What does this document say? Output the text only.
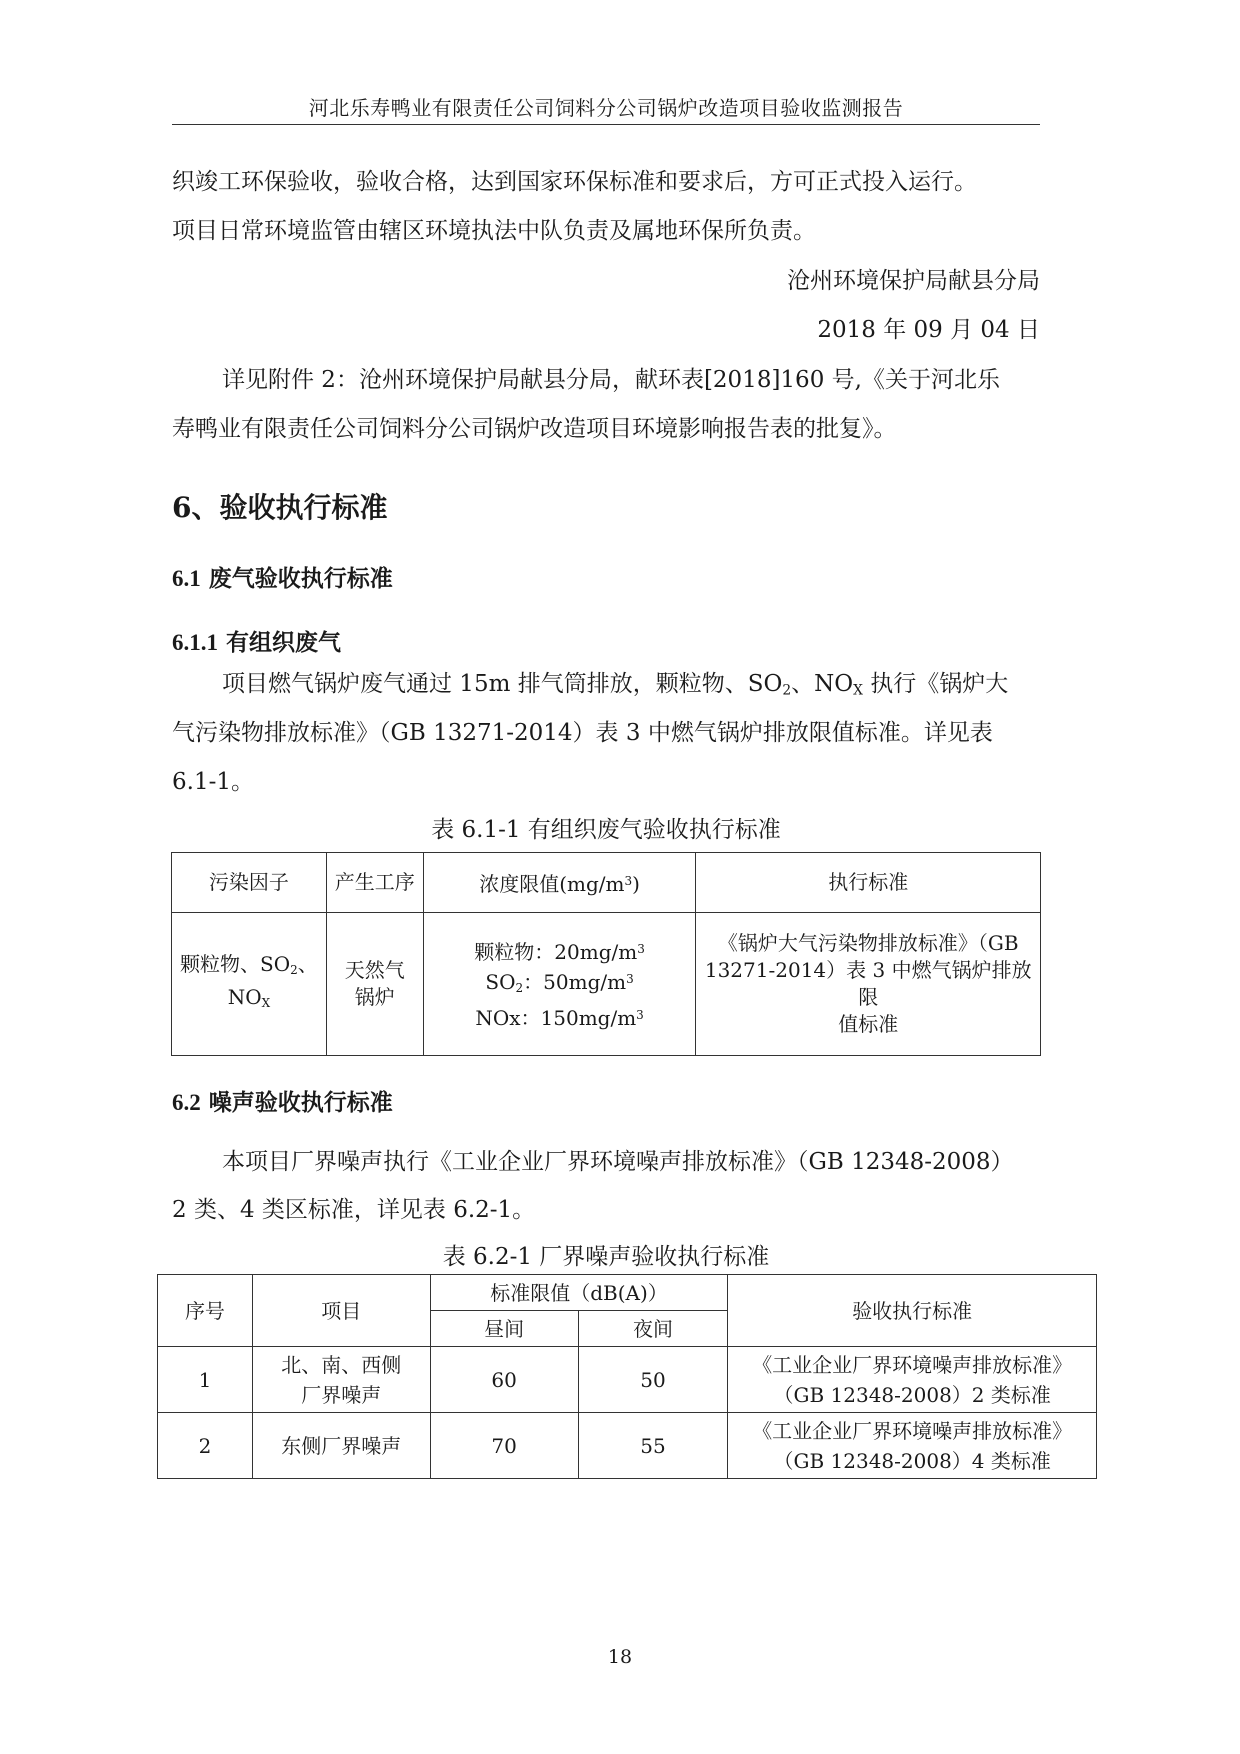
河北乐寿鸭业有限责任公司饲料分公司锅炉改造项目验收监测报告
织竣工环保验收，验收合格，达到国家环保标准和要求后，方可正式投入运行。
项目日常环境监管由辖区环境执法中队负责及属地环保所负责。
沧州环境保护局献县分局
2018 年 09 月 04 日
详见附件 2：沧州环境保护局献县分局，献环表[2018]160 号,《关于河北乐
寿鸭业有限责任公司饲料分公司锅炉改造项目环境影响报告表的批复》。
6、验收执行标准
6.1 废气验收执行标准
6.1.1 有组织废气
项目燃气锅炉废气通过 15m 排气筒排放，颗粒物、$SO_2$、$NO_X$ 执行《锅炉大
气污染物排放标准》（GB 13271-2014）表 3 中燃气锅炉排放限值标准。详见表
6.1-1。
表 6.1-1 有组织废气验收执行标准
污染因子	产生工序	浓度限值$(mg/m^3)$	执行标准
颗粒物、$SO_2$、
$NO_X$	天然气
锅炉	颗粒物：$20mg/m^3$
$SO_2$：$50mg/m^3$
NOx：$150mg/m^3$	《锅炉大气污染物排放标准》（GB
13271-2014）表 3 中燃气锅炉排放限
值标准
6.2 噪声验收执行标准
本项目厂界噪声执行《工业企业厂界环境噪声排放标准》（GB 12348-2008）
2 类、4 类区标准，详见表 6.2-1。
表 6.2-1 厂界噪声验收执行标准
序号	项目	标准限值（dB(A)）		验收执行标准
		昼间	夜间	
1	北、南、西侧
厂界噪声	60	50	《工业企业厂界环境噪声排放标准》
（GB 12348-2008）2 类标准
2	东侧厂界噪声	70	55	《工业企业厂界环境噪声排放标准》
（GB 12348-2008）4 类标准
18
